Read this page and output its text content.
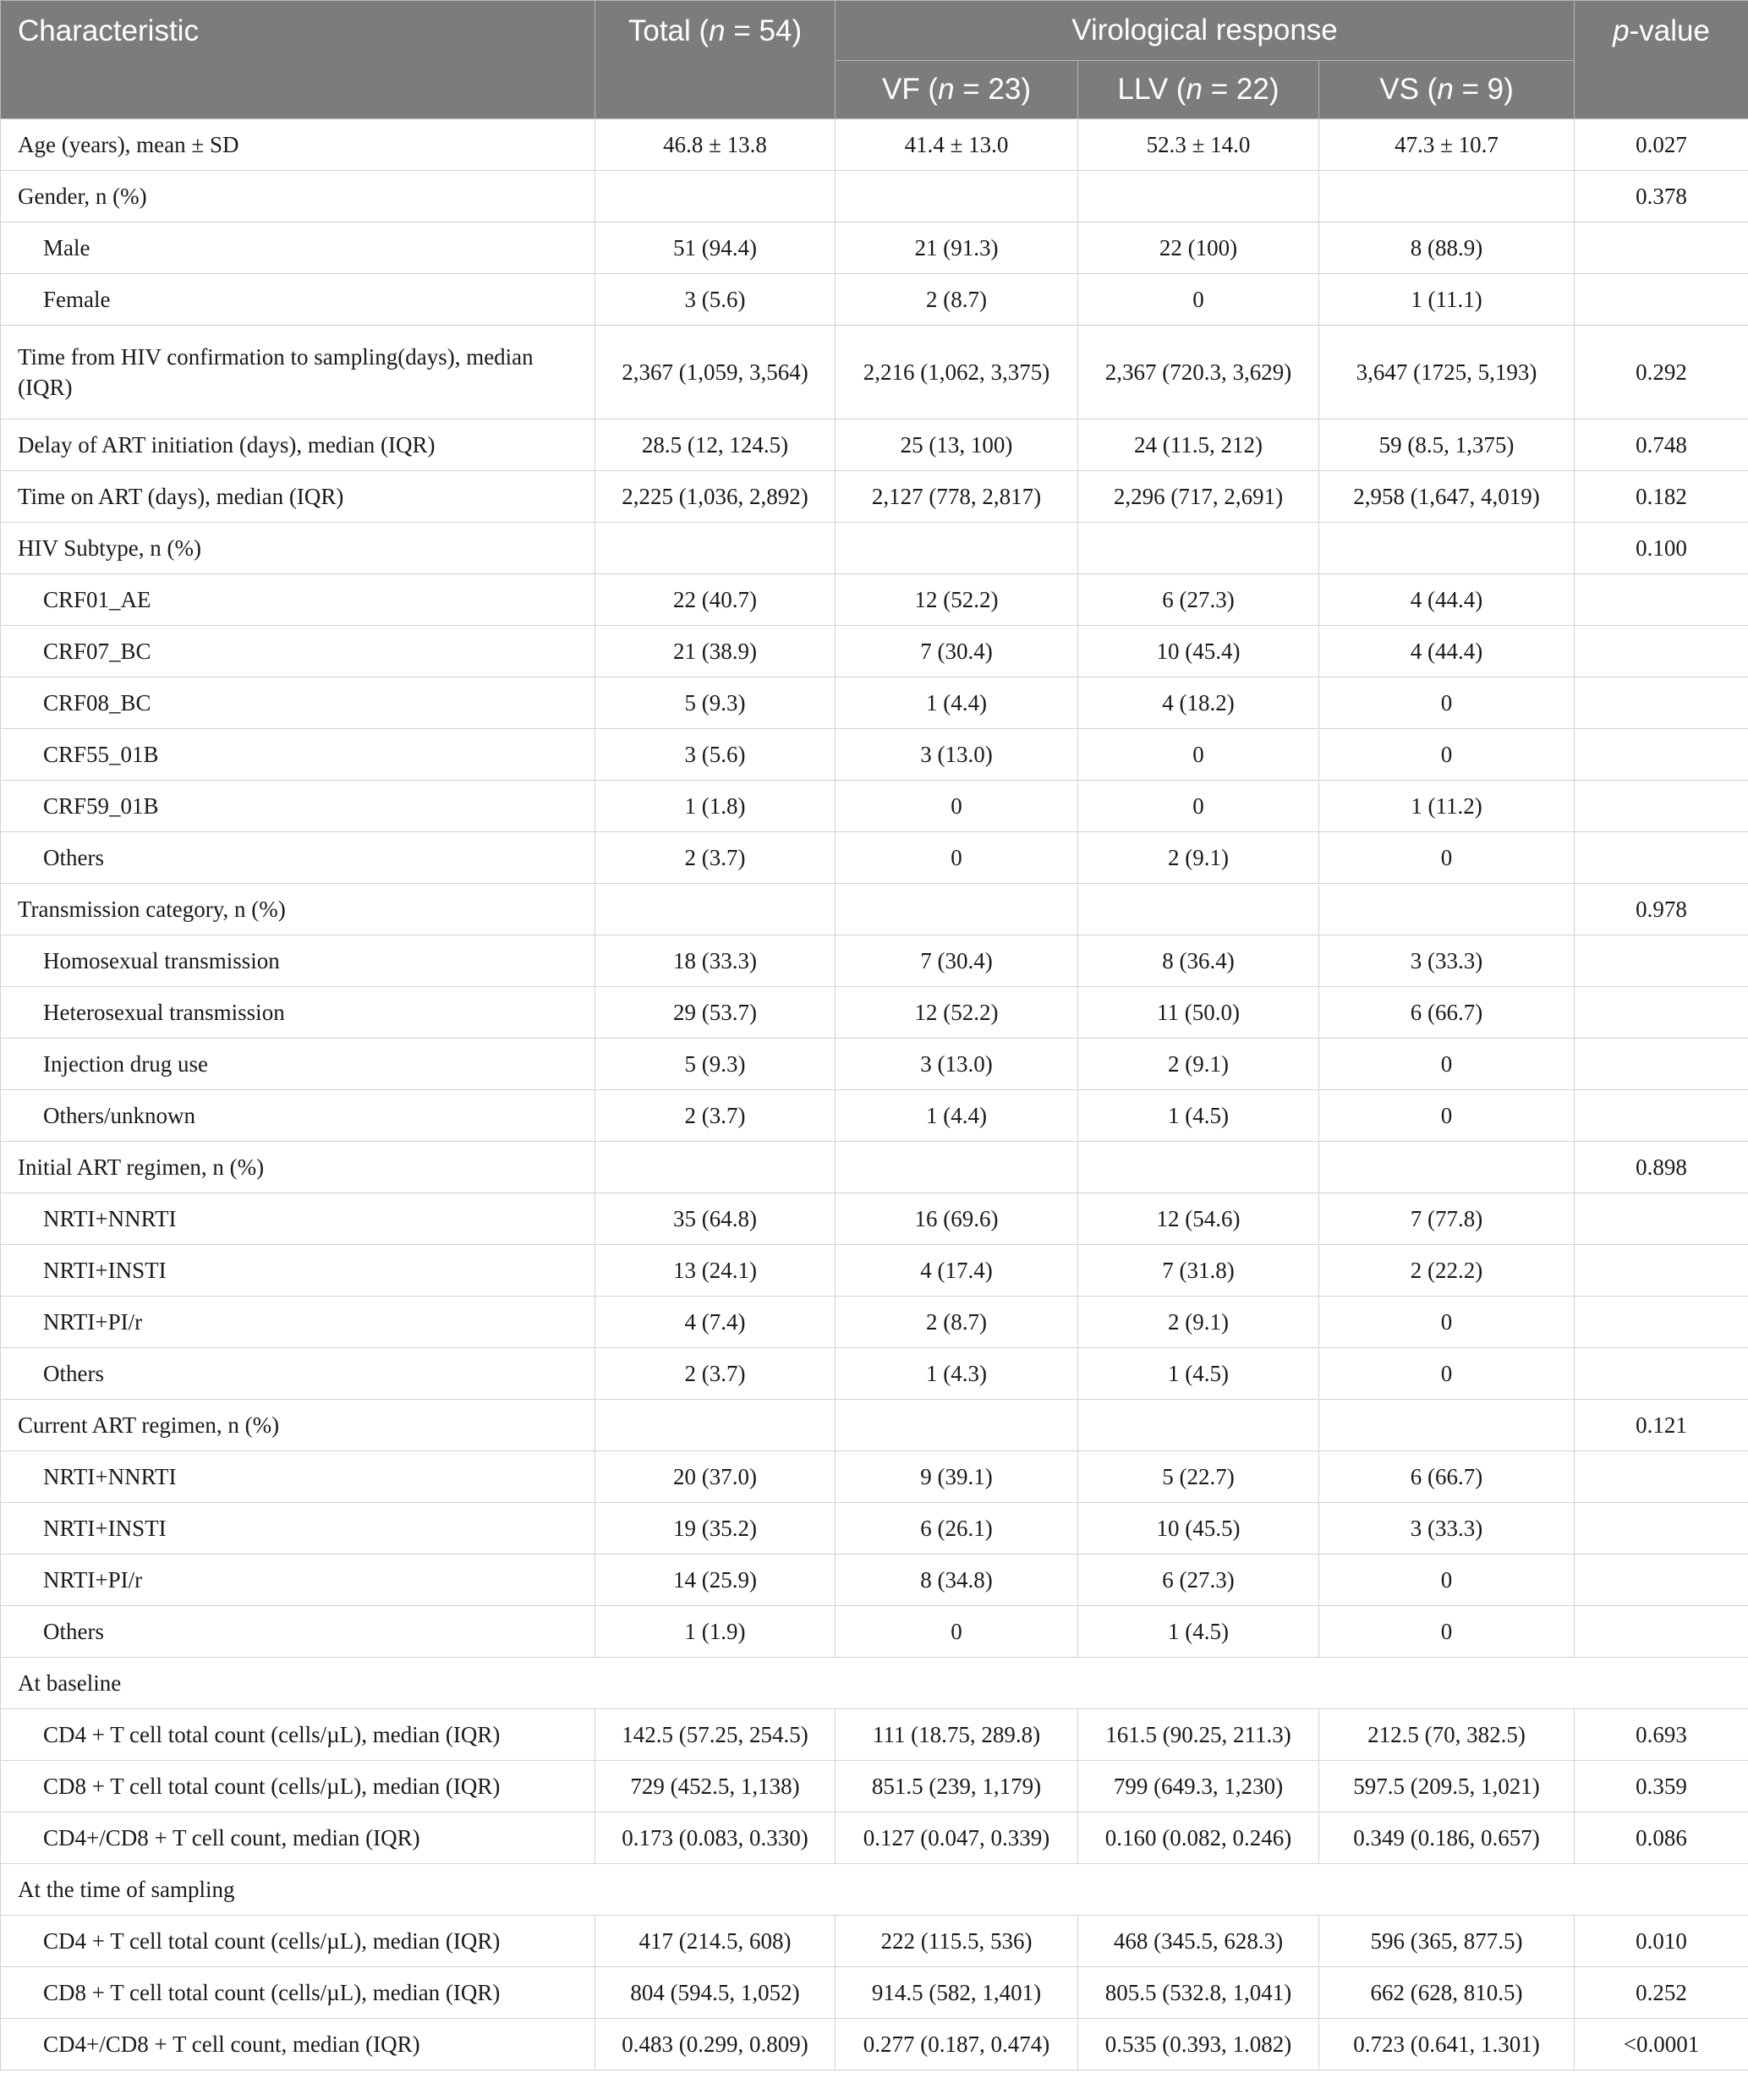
Characteristic	Total (n = 54)	Virological response			p-value
		VF (n = 23)	LLV (n = 22)	VS (n = 9)	
Age (years), mean ± SD	46.8 ± 13.8	41.4 ± 13.0	52.3 ± 14.0	47.3 ± 10.7	0.027
Gender, n (%)					0.378
Male	51 (94.4)	21 (91.3)	22 (100)	8 (88.9)	
Female	3 (5.6)	2 (8.7)	0	1 (11.1)	
Time from HIV confirmation to sampling(days), median (IQR)	2,367 (1,059, 3,564)	2,216 (1,062, 3,375)	2,367 (720.3, 3,629)	3,647 (1725, 5,193)	0.292
Delay of ART initiation (days), median (IQR)	28.5 (12, 124.5)	25 (13, 100)	24 (11.5, 212)	59 (8.5, 1,375)	0.748
Time on ART (days), median (IQR)	2,225 (1,036, 2,892)	2,127 (778, 2,817)	2,296 (717, 2,691)	2,958 (1,647, 4,019)	0.182
HIV Subtype, n (%)					0.100
CRF01_AE	22 (40.7)	12 (52.2)	6 (27.3)	4 (44.4)	
CRF07_BC	21 (38.9)	7 (30.4)	10 (45.4)	4 (44.4)	
CRF08_BC	5 (9.3)	1 (4.4)	4 (18.2)	0	
CRF55_01B	3 (5.6)	3 (13.0)	0	0	
CRF59_01B	1 (1.8)	0	0	1 (11.2)	
Others	2 (3.7)	0	2 (9.1)	0	
Transmission category, n (%)					0.978
Homosexual transmission	18 (33.3)	7 (30.4)	8 (36.4)	3 (33.3)	
Heterosexual transmission	29 (53.7)	12 (52.2)	11 (50.0)	6 (66.7)	
Injection drug use	5 (9.3)	3 (13.0)	2 (9.1)	0	
Others/unknown	2 (3.7)	1 (4.4)	1 (4.5)	0	
Initial ART regimen, n (%)					0.898
NRTI+NNRTI	35 (64.8)	16 (69.6)	12 (54.6)	7 (77.8)	
NRTI+INSTI	13 (24.1)	4 (17.4)	7 (31.8)	2 (22.2)	
NRTI+PI/r	4 (7.4)	2 (8.7)	2 (9.1)	0	
Others	2 (3.7)	1 (4.3)	1 (4.5)	0	
Current ART regimen, n (%)					0.121
NRTI+NNRTI	20 (37.0)	9 (39.1)	5 (22.7)	6 (66.7)	
NRTI+INSTI	19 (35.2)	6 (26.1)	10 (45.5)	3 (33.3)	
NRTI+PI/r	14 (25.9)	8 (34.8)	6 (27.3)	0	
Others	1 (1.9)	0	1 (4.5)	0	
At baseline					
CD4 + T cell total count (cells/µL), median (IQR)	142.5 (57.25, 254.5)	111 (18.75, 289.8)	161.5 (90.25, 211.3)	212.5 (70, 382.5)	0.693
CD8 + T cell total count (cells/µL), median (IQR)	729 (452.5, 1,138)	851.5 (239, 1,179)	799 (649.3, 1,230)	597.5 (209.5, 1,021)	0.359
CD4+/CD8 + T cell count, median (IQR)	0.173 (0.083, 0.330)	0.127 (0.047, 0.339)	0.160 (0.082, 0.246)	0.349 (0.186, 0.657)	0.086
At the time of sampling					
CD4 + T cell total count (cells/µL), median (IQR)	417 (214.5, 608)	222 (115.5, 536)	468 (345.5, 628.3)	596 (365, 877.5)	0.010
CD8 + T cell total count (cells/µL), median (IQR)	804 (594.5, 1,052)	914.5 (582, 1,401)	805.5 (532.8, 1,041)	662 (628, 810.5)	0.252
CD4+/CD8 + T cell count, median (IQR)	0.483 (0.299, 0.809)	0.277 (0.187, 0.474)	0.535 (0.393, 1.082)	0.723 (0.641, 1.301)	<0.0001
